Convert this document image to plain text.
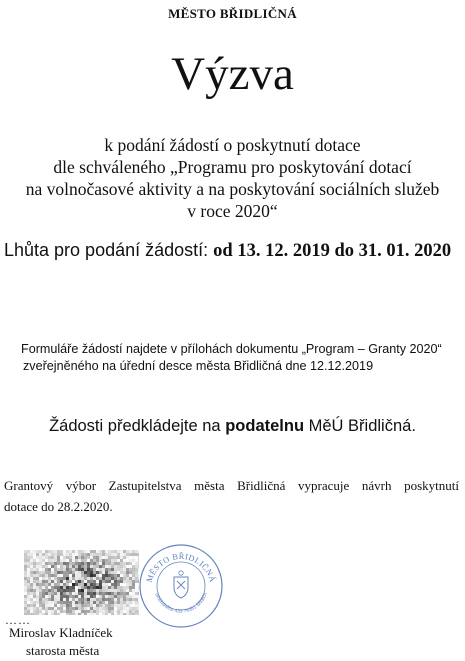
MĚSTO BŘIDLIČNÁ
Výzva
k podání žádostí o poskytnutí dotace
dle schváleného „Programu pro poskytování dotací
na volnočasové aktivity a na poskytování sociálních služeb
v roce 2020“
Lhůta pro podání žádostí: od 13. 12. 2019 do 31. 01. 2020
Formuláře žádostí najdete v přílohách dokumentu „Program – Granty 2020“
zveřejněného na úřední desce města Břidličná dne 12.12.2019
Žádosti předkládejte na podatelnu MěÚ Břidličná.
Grantový výbor Zastupitelstva města Břidličná vypracuje návrh poskytnutí
dotace do 28.2.2020.
……
Miroslav Kladníček
starosta města
MĚSTO BŘIDLIČNÁ
omenského 433 79351 Břidličn
